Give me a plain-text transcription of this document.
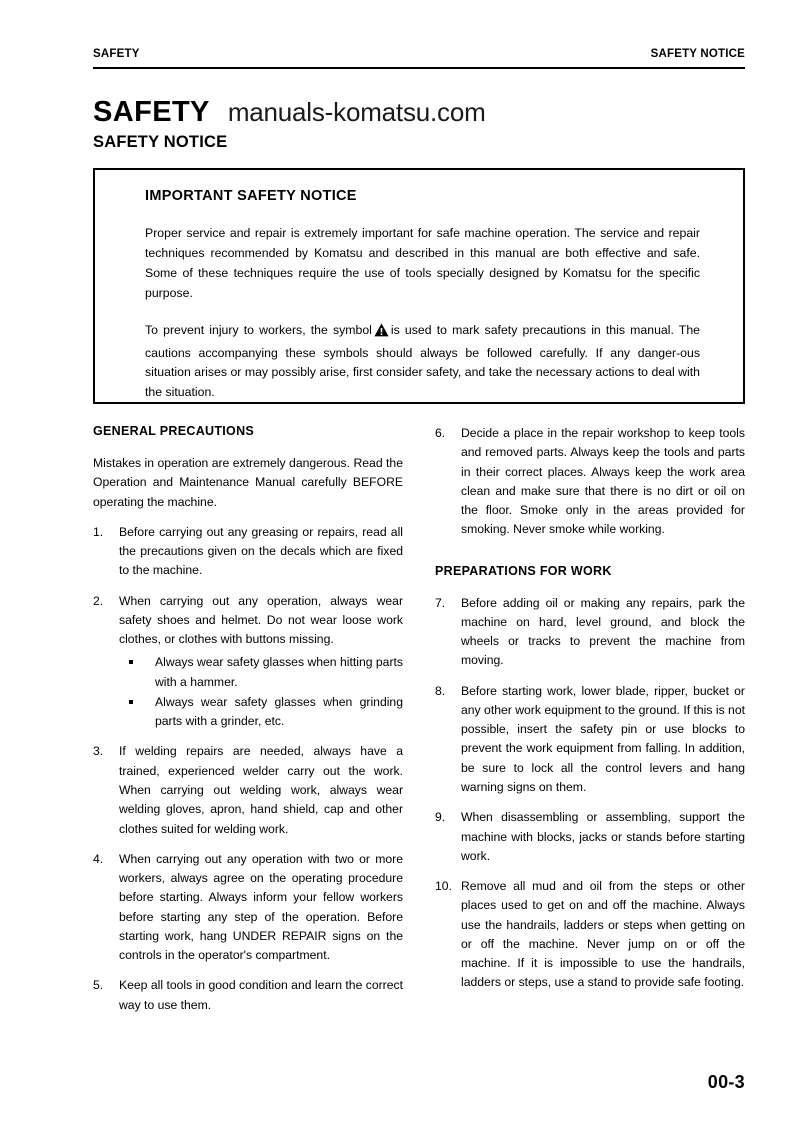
SAFETY	SAFETY NOTICE
SAFETY manuals-komatsu.com
SAFETY NOTICE
IMPORTANT SAFETY NOTICE

Proper service and repair is extremely important for safe machine operation. The service and repair techniques recommended by Komatsu and described in this manual are both effective and safe. Some of these techniques require the use of tools specially designed by Komatsu for the specific purpose.

To prevent injury to workers, the symbol is used to mark safety precautions in this manual. The cautions accompanying these symbols should always be followed carefully. If any danger-ous situation arises or may possibly arise, first consider safety, and take the necessary actions to deal with the situation.

GENERAL PRECAUTIONS

Mistakes in operation are extremely dangerous. Read the Operation and Maintenance Manual carefully BEFORE operating the machine.

1.	Before carrying out any greasing or repairs, read all the precautions given on the decals which are fixed to the machine.
2.	When carrying out any operation, always wear safety shoes and helmet. Do not wear loose work clothes, or clothes with buttons missing.
Always wear safety glasses when hitting parts with a hammer.
Always wear safety glasses when grinding parts with a grinder, etc.
3.	If welding repairs are needed, always have a trained, experienced welder carry out the work. When carrying out welding work, always wear welding gloves, apron, hand shield, cap and other clothes suited for welding work.
4.	When carrying out any operation with two or more workers, always agree on the operating procedure before starting. Always inform your fellow workers before starting any step of the operation. Before starting work, hang UNDER REPAIR signs on the controls in the operator's compartment.
5.	Keep all tools in good condition and learn the correct way to use them.
6.	Decide a place in the repair workshop to keep tools and removed parts. Always keep the tools and parts in their correct places. Always keep the work area clean and make sure that there is no dirt or oil on the floor. Smoke only in the areas provided for smoking. Never smoke while working.
PREPARATIONS FOR WORK
7.	Before adding oil or making any repairs, park the machine on hard, level ground, and block the wheels or tracks to prevent the machine from moving.
8.	Before starting work, lower blade, ripper, bucket or any other work equipment to the ground. If this is not possible, insert the safety pin or use blocks to prevent the work equipment from falling. In addition, be sure to lock all the control levers and hang warning signs on them.
9.	When disassembling or assembling, support the machine with blocks, jacks or stands before starting work.
10. Remove all mud and oil from the steps or other places used to get on and off the machine. Always use the handrails, ladders or steps when getting on or off the machine. Never jump on or off the machine. If it is impossible to use the handrails, ladders or steps, use a stand to provide safe footing.
00-3
